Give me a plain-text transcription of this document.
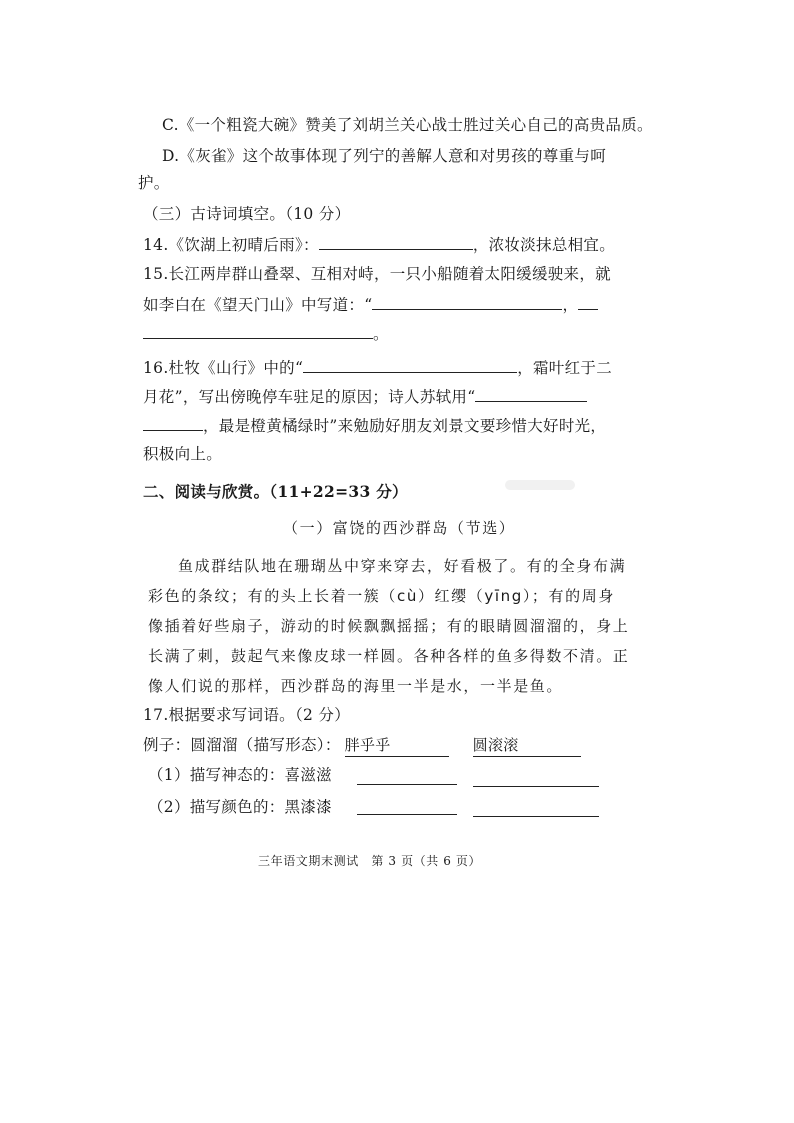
C.《一个粗瓷大碗》赞美了刘胡兰关心战士胜过关心自己的高贵品质。
D.《灰雀》这个故事体现了列宁的善解人意和对男孩的尊重与呵
护。
（三）古诗词填空。（10 分）
14.《饮湖上初晴后雨》：	，浓妆淡抹总相宜。
15.长江两岸群山叠翠、互相对峙，一只小船随着太阳缓缓驶来，就
如李白在《望天门山》中写道：“	，
。
16.杜牧《山行》中的“	，霜叶红于二
月花”，写出傍晚停车驻足的原因；诗人苏轼用“
，最是橙黄橘绿时”来勉励好朋友刘景文要珍惜大好时光，
积极向上。
二、阅读与欣赏。（11+22=33 分）
（一）富饶的西沙群岛（节选）
鱼成群结队地在珊瑚丛中穿来穿去，好看极了。有的全身布满
彩色的条纹；有的头上长着一簇（cù）红缨（yīng）；有的周身
像插着好些扇子，游动的时候飘飘摇摇；有的眼睛圆溜溜的，身上
长满了刺，鼓起气来像皮球一样圆。各种各样的鱼多得数不清。正
像人们说的那样，西沙群岛的海里一半是水，一半是鱼。
17.根据要求写词语。（2 分）
例子：圆溜溜（描写形态）： 胖乎乎	圆滚滚
（1）描写神态的：喜滋滋
（2）描写颜色的：黑漆漆
三年语文期末测试　第 3 页（共 6 页）
